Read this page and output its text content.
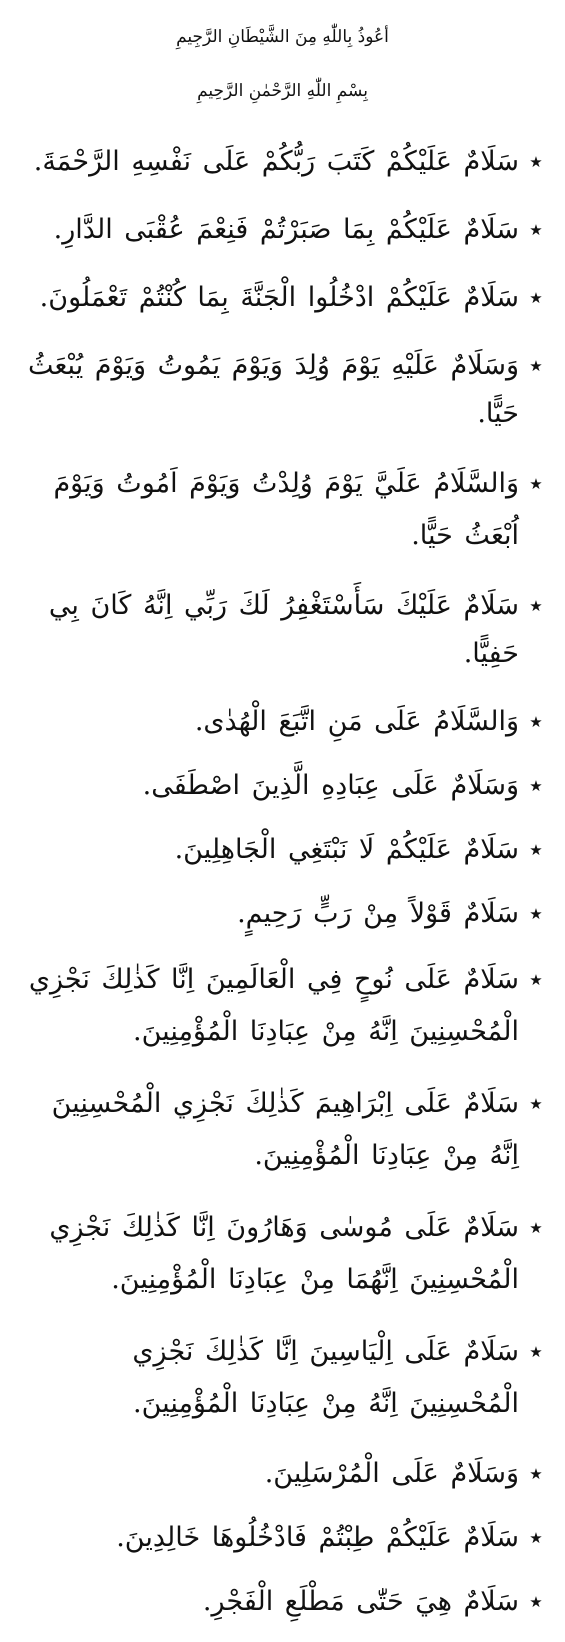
أعُوذُ بِاللّٰهِ مِنَ الشَّيْطَانِ الرَّجِيمِ
بِسْمِ اللّٰهِ الرَّحْمٰنِ الرَّحِيمِ
★
سَلَامٌ عَلَيْكُمْ كَتَبَ رَبُّكُمْ عَلَى نَفْسِهِ الرَّحْمَةَ.
★
سَلَامٌ عَلَيْكُمْ بِمَا صَبَرْتُمْ فَنِعْمَ عُقْبَى الدَّارِ.
★
سَلَامٌ عَلَيْكُمْ ادْخُلُوا الْجَنَّةَ بِمَا كُنْتُمْ تَعْمَلُونَ.
★
وَسَلَامٌ عَلَيْهِ يَوْمَ وُلِدَ وَيَوْمَ يَمُوتُ وَيَوْمَ يُبْعَثُ حَيًّا.
★
وَالسَّلَامُ عَلَيَّ يَوْمَ وُلِدْتُ وَيَوْمَ اَمُوتُ وَيَوْمَ اُبْعَثُ حَيًّا.
★
سَلَامٌ عَلَيْكَ سَأَسْتَغْفِرُ لَكَ رَبِّي اِنَّهُ كَانَ بِي حَفِيًّا.
★
وَالسَّلَامُ عَلَى مَنِ اتَّبَعَ الْهُدٰى.
★
وَسَلَامٌ عَلَى عِبَادِهِ الَّذِينَ اصْطَفَى.
★
سَلَامٌ عَلَيْكُمْ لَا نَبْتَغِي الْجَاهِلِينَ.
★
سَلَامٌ قَوْلاً مِنْ رَبٍّ رَحِيمٍ.
★
سَلَامٌ عَلَى نُوحٍ فِي الْعَالَمِينَ اِنَّا كَذٰلِكَ نَجْزِي الْمُحْسِنِينَ اِنَّهُ مِنْ عِبَادِنَا الْمُؤْمِنِينَ.
★
سَلَامٌ عَلَى اِبْرَاهِيمَ كَذٰلِكَ نَجْزِي الْمُحْسِنِينَ اِنَّهُ مِنْ عِبَادِنَا الْمُؤْمِنِينَ.
★
سَلَامٌ عَلَى مُوسٰى وَهَارُونَ اِنَّا كَذٰلِكَ نَجْزِي الْمُحْسِنِينَ اِنَّهُمَا مِنْ عِبَادِنَا الْمُؤْمِنِينَ.
★
سَلَامٌ عَلَى اِلْيَاسِينَ اِنَّا كَذٰلِكَ نَجْزِي الْمُحْسِنِينَ اِنَّهُ مِنْ عِبَادِنَا الْمُؤْمِنِينَ.
★
وَسَلَامٌ عَلَى الْمُرْسَلِينَ.
★
سَلَامٌ عَلَيْكُمْ طِبْتُمْ فَادْخُلُوهَا خَالِدِينَ.
★
سَلَامٌ هِيَ حَتّٰى مَطْلَعِ الْفَجْرِ.
